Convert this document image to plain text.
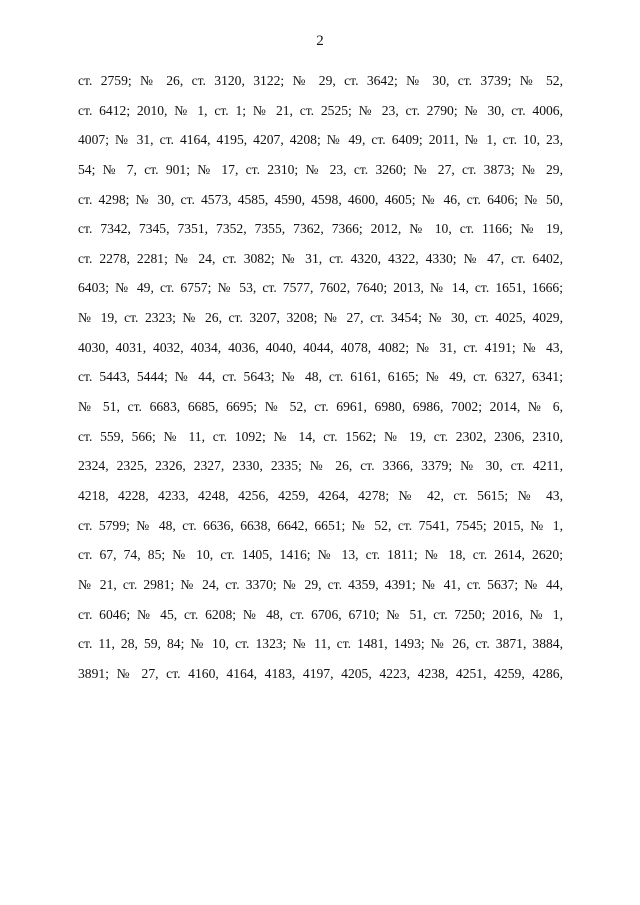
2
ст. 2759; № 26, ст. 3120, 3122; № 29, ст. 3642; № 30, ст. 3739; № 52,
ст. 6412; 2010, № 1, ст. 1; № 21, ст. 2525; № 23, ст. 2790; № 30, ст. 4006,
4007; № 31, ст. 4164, 4195, 4207, 4208; № 49, ст. 6409; 2011, № 1, ст. 10, 23,
54; № 7, ст. 901; № 17, ст. 2310; № 23, ст. 3260; № 27, ст. 3873; № 29,
ст. 4298; № 30, ст. 4573, 4585, 4590, 4598, 4600, 4605; № 46, ст. 6406; № 50,
ст. 7342, 7345, 7351, 7352, 7355, 7362, 7366; 2012, № 10, ст. 1166; № 19,
ст. 2278, 2281; № 24, ст. 3082; № 31, ст. 4320, 4322, 4330; № 47, ст. 6402,
6403; № 49, ст. 6757; № 53, ст. 7577, 7602, 7640; 2013, № 14, ст. 1651, 1666;
№ 19, ст. 2323; № 26, ст. 3207, 3208; № 27, ст. 3454; № 30, ст. 4025, 4029,
4030, 4031, 4032, 4034, 4036, 4040, 4044, 4078, 4082; № 31, ст. 4191; № 43,
ст. 5443, 5444; № 44, ст. 5643; № 48, ст. 6161, 6165; № 49, ст. 6327, 6341;
№ 51, ст. 6683, 6685, 6695; № 52, ст. 6961, 6980, 6986, 7002; 2014, № 6,
ст. 559, 566; № 11, ст. 1092; № 14, ст. 1562; № 19, ст. 2302, 2306, 2310,
2324, 2325, 2326, 2327, 2330, 2335; № 26, ст. 3366, 3379; № 30, ст. 4211,
4218, 4228, 4233, 4248, 4256, 4259, 4264, 4278; № 42, ст. 5615; № 43,
ст. 5799; № 48, ст. 6636, 6638, 6642, 6651; № 52, ст. 7541, 7545; 2015, № 1,
ст. 67, 74, 85; № 10, ст. 1405, 1416; № 13, ст. 1811; № 18, ст. 2614, 2620;
№ 21, ст. 2981; № 24, ст. 3370; № 29, ст. 4359, 4391; № 41, ст. 5637; № 44,
ст. 6046; № 45, ст. 6208; № 48, ст. 6706, 6710; № 51, ст. 7250; 2016, № 1,
ст. 11, 28, 59, 84; № 10, ст. 1323; № 11, ст. 1481, 1493; № 26, ст. 3871, 3884,
3891; № 27, ст. 4160, 4164, 4183, 4197, 4205, 4223, 4238, 4251, 4259, 4286,
